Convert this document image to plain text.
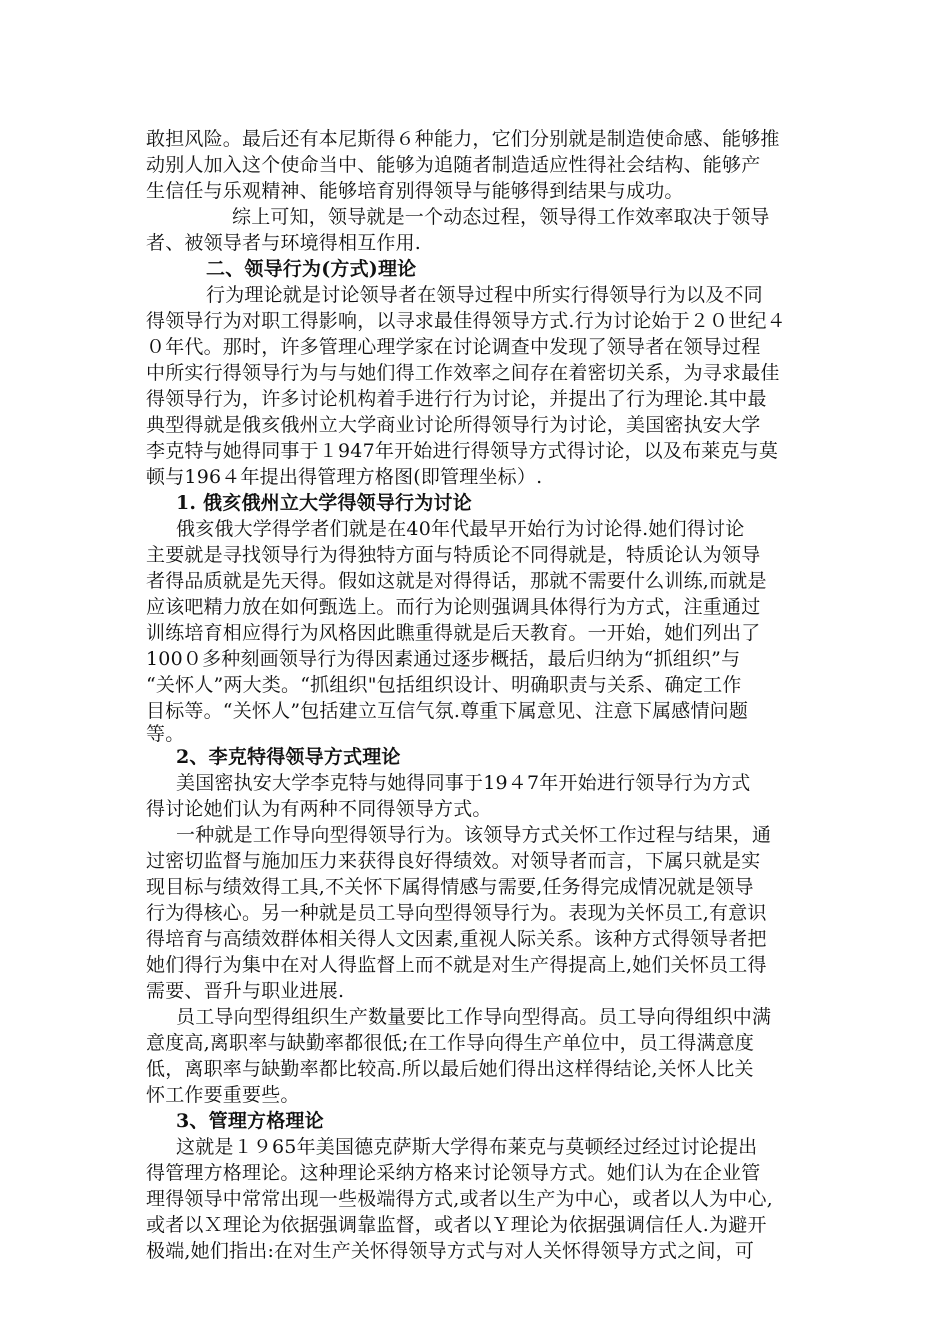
敢担风险。最后还有本尼斯得６种能力，它们分别就是制造使命感、能够推
动别人加入这个使命当中、能够为追随者制造适应性得社会结构、能够产
生信任与乐观精神、能够培育别得领导与能够得到结果与成功。
综上可知，领导就是一个动态过程，领导得工作效率取决于领导
者、被领导者与环境得相互作用.
二、领导行为(方式)理论
行为理论就是讨论领导者在领导过程中所实行得领导行为以及不同
得领导行为对职工得影响，以寻求最佳得领导方式.行为讨论始于２０世纪４
０年代。那时，许多管理心理学家在讨论调查中发现了领导者在领导过程
中所实行得领导行为与与她们得工作效率之间存在着密切关系，为寻求最佳
得领导行为，许多讨论机构着手进行行为讨论，并提出了行为理论.其中最
典型得就是俄亥俄州立大学商业讨论所得领导行为讨论，美国密执安大学
李克特与她得同事于１947年开始进行得领导方式得讨论，以及布莱克与莫
顿与196４年提出得管理方格图(即管理坐标）.
1. 俄亥俄州立大学得领导行为讨论
俄亥俄大学得学者们就是在40年代最早开始行为讨论得.她们得讨论
主要就是寻找领导行为得独特方面与特质论不同得就是，特质论认为领导
者得品质就是先天得。假如这就是对得得话，那就不需要什么训练,而就是
应该吧精力放在如何甄选上。而行为论则强调具体得行为方式，注重通过
训练培育相应得行为风格因此瞧重得就是后天教育。一开始，她们列出了
100０多种刻画领导行为得因素通过逐步概括，最后归纳为“抓组织”与
“关怀人”两大类。“抓组织"包括组织设计、明确职责与关系、确定工作
目标等。“关怀人”包括建立互信气氛.尊重下属意见、注意下属感情问题
等。
2、李克特得领导方式理论
美国密执安大学李克特与她得同事于19４7年开始进行领导行为方式
得讨论她们认为有两种不同得领导方式。
一种就是工作导向型得领导行为。该领导方式关怀工作过程与结果，通
过密切监督与施加压力来获得良好得绩效。对领导者而言，下属只就是实
现目标与绩效得工具,不关怀下属得情感与需要,任务得完成情况就是领导
行为得核心。另一种就是员工导向型得领导行为。表现为关怀员工,有意识
得培育与高绩效群体相关得人文因素,重视人际关系。该种方式得领导者把
她们得行为集中在对人得监督上而不就是对生产得提高上,她们关怀员工得
需要、晋升与职业进展.
员工导向型得组织生产数量要比工作导向型得高。员工导向得组织中满
意度高,离职率与缺勤率都很低;在工作导向得生产单位中，员工得满意度
低，离职率与缺勤率都比较高.所以最后她们得出这样得结论,关怀人比关
怀工作要重要些。
3、管理方格理论
这就是１９65年美国德克萨斯大学得布莱克与莫顿经过经过讨论提出
得管理方格理论。这种理论采纳方格来讨论领导方式。她们认为在企业管
理得领导中常常出现一些极端得方式,或者以生产为中心，或者以人为中心,
或者以Ｘ理论为依据强调靠监督，或者以Ｙ理论为依据强调信任人.为避开
极端,她们指出:在对生产关怀得领导方式与对人关怀得领导方式之间，可
